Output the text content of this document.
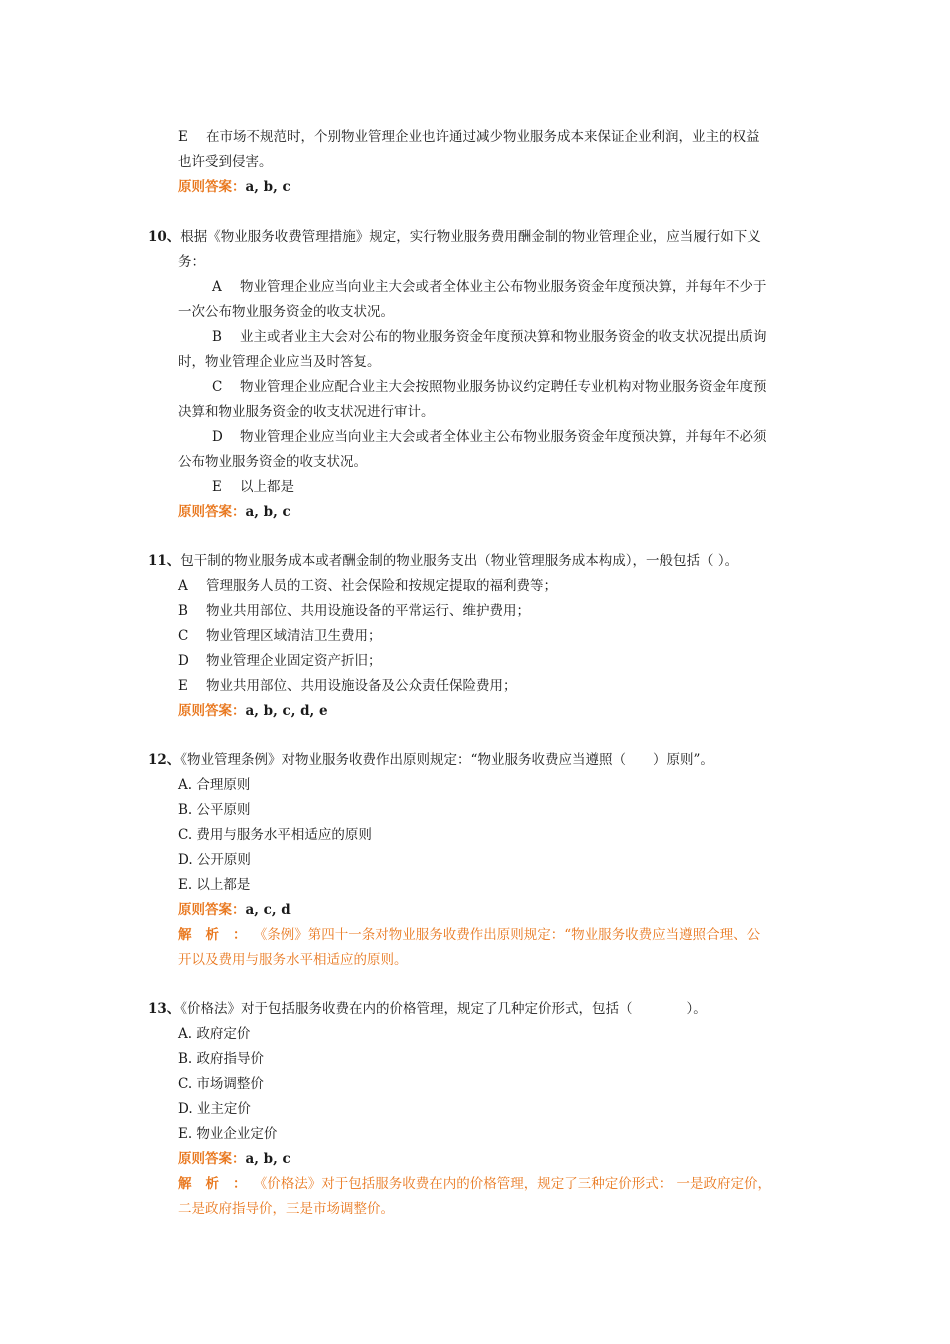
E 在市场不规范时，个别物业管理企业也许通过减少物业服务成本来保证企业利润，业主的权益
也许受到侵害。
原则答案：a, b, c
10、根据《物业服务收费管理措施》规定，实行物业服务费用酬金制的物业管理企业，应当履行如下义
务：
A 物业管理企业应当向业主大会或者全体业主公布物业服务资金年度预决算，并每年不少于
一次公布物业服务资金的收支状况。
B 业主或者业主大会对公布的物业服务资金年度预决算和物业服务资金的收支状况提出质询
时，物业管理企业应当及时答复。
C 物业管理企业应配合业主大会按照物业服务协议约定聘任专业机构对物业服务资金年度预
决算和物业服务资金的收支状况进行审计。
D 物业管理企业应当向业主大会或者全体业主公布物业服务资金年度预决算，并每年不必须
公布物业服务资金的收支状况。
E 以上都是
原则答案：a, b, c
11、包干制的物业服务成本或者酬金制的物业服务支出（物业管理服务成本构成），一般包括（ ）。
A 管理服务人员的工资、社会保险和按规定提取的福利费等；
B 物业共用部位、共用设施设备的平常运行、维护费用；
C 物业管理区域清洁卫生费用；
D 物业管理企业固定资产折旧；
E 物业共用部位、共用设施设备及公众责任保险费用；
原则答案：a, b, c, d, e
12、《物业管理条例》对物业服务收费作出原则规定：“物业服务收费应当遵照（　　）原则”。
A. 合理原则
B. 公平原则
C. 费用与服务水平相适应的原则
D. 公开原则
E. 以上都是
原则答案：a, c, d
解析：《条例》第四十一条对物业服务收费作出原则规定：“物业服务收费应当遵照合理、公
开以及费用与服务水平相适应的原则。
13、《价格法》对于包括服务收费在内的价格管理，规定了几种定价形式，包括（　　　　）。
A. 政府定价
B. 政府指导价
C. 市场调整价
D. 业主定价
E. 物业企业定价
原则答案：a, b, c
解析：《价格法》对于包括服务收费在内的价格管理，规定了三种定价形式： 一是政府定价，
二是政府指导价，三是市场调整价。
